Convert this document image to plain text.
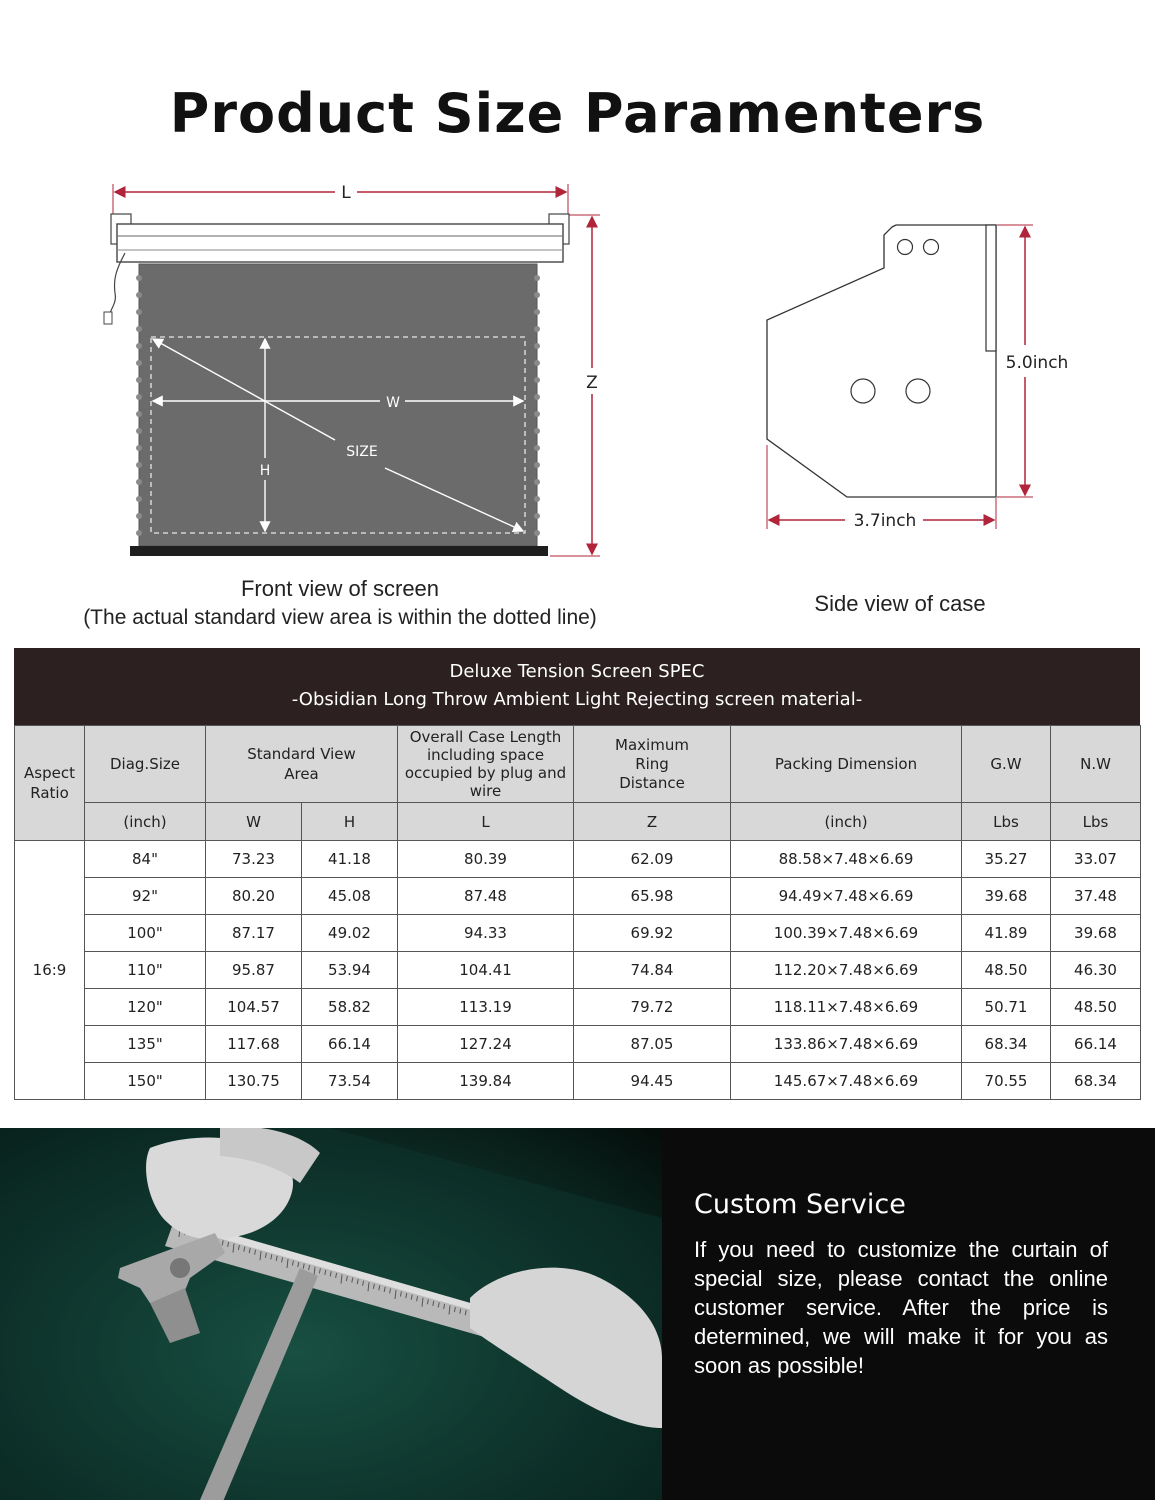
Product Size Paramenters
L
W
H
SIZE
Z
Front view of screen
(The actual standard view area is within the dotted line)
5.0inch
3.7inch
Side view of case
Deluxe Tension Screen SPEC
-Obsidian Long Throw Ambient Light Rejecting screen material-
Aspect Ratio	Diag.Size	Standard View Area		Overall Case Length including space occupied by plug and wire	Maximum Ring Distance	Packing Dimension	G.W	N.W
	(inch)	W	H	L	Z	(inch)	Lbs	Lbs
16:9	84"	73.23	41.18	80.39	62.09	88.58×7.48×6.69	35.27	33.07
	92"	80.20	45.08	87.48	65.98	94.49×7.48×6.69	39.68	37.48
	100"	87.17	49.02	94.33	69.92	100.39×7.48×6.69	41.89	39.68
	110"	95.87	53.94	104.41	74.84	112.20×7.48×6.69	48.50	46.30
	120"	104.57	58.82	113.19	79.72	118.11×7.48×6.69	50.71	48.50
	135"	117.68	66.14	127.24	87.05	133.86×7.48×6.69	68.34	66.14
	150"	130.75	73.54	139.84	94.45	145.67×7.48×6.69	70.55	68.34
Custom Service
If you need to customize the curtain of special size, please contact the online customer service. After the price is determined, we will make it for you as soon as possible!
